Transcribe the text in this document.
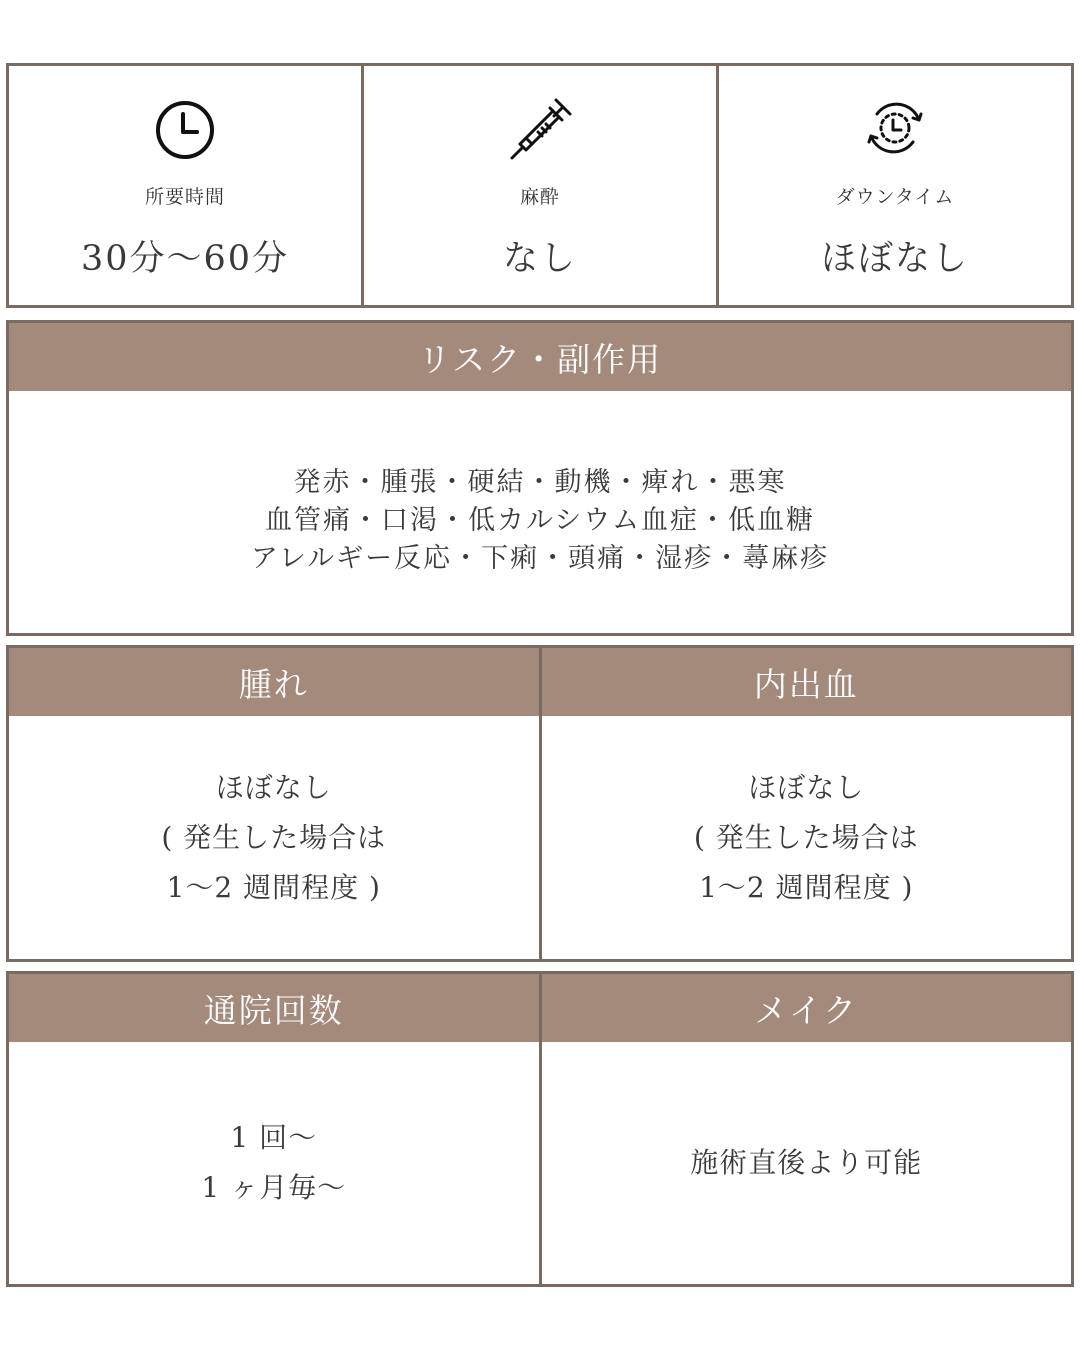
所要時間
30分〜60分
麻酔
なし
ダウンタイム
ほぼなし
リスク・副作用
発赤・腫張・硬結・動機・痺れ・悪寒
血管痛・口渇・低カルシウム血症・低血糖
アレルギー反応・下痢・頭痛・湿疹・蕁麻疹
腫れ
ほぼなし
( 発生した場合は
1〜2 週間程度 )
内出血
ほぼなし
( 発生した場合は
1〜2 週間程度 )
通院回数
1 回〜
1 ヶ月毎〜
メイク
施術直後より可能
